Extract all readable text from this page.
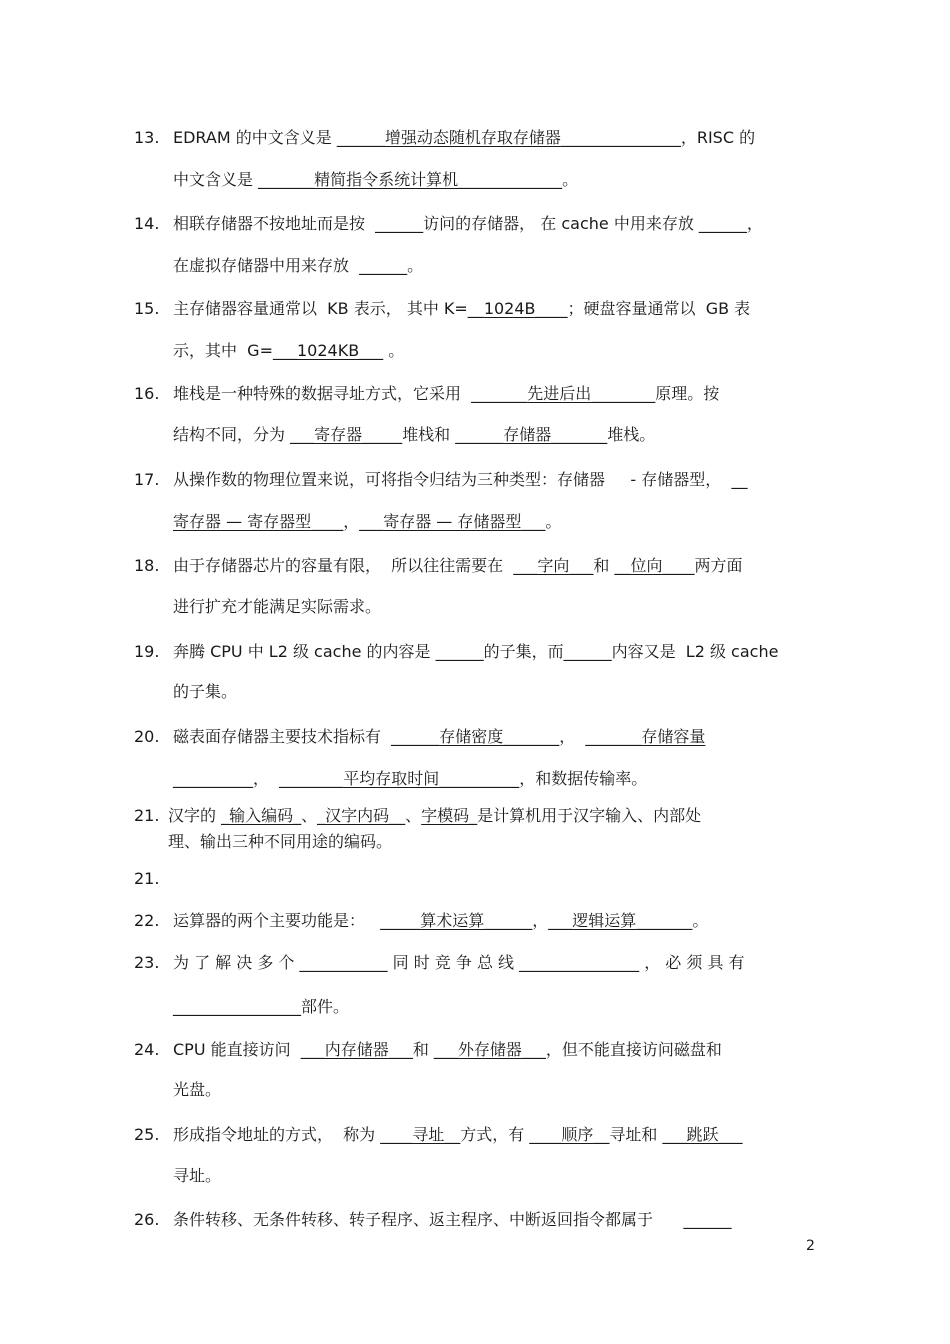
13. EDRAM 的中文含义是 ______增强动态随机存取存储器_______________，RISC 的
中文含义是 _______精简指令系统计算机_____________。
14. 相联存储器不按地址而是按  ______访问的存储器， 在 cache 中用来存放 ______，
在虚拟存储器中用来存放  ______。
15. 主存储器容量通常以  KB 表示， 其中 K=__1024B____；硬盘容量通常以  GB 表
示，其中  G=___1024KB___ 。
16. 堆栈是一种特殊的数据寻址方式，它采用  _______先进后出________原理。按
结构不同，分为 ___寄存器_____堆栈和 ______存储器_______堆栈。
17. 从操作数的物理位置来说，可将指令归结为三种类型：存储器     - 存储器型，  __
寄存器 — 寄存器型____，___寄存器 — 存储器型___。
18. 由于存储器芯片的容量有限，  所以往往需要在  ___字向___和 __位向____两方面
进行扩充才能满足实际需求。
19. 奔腾 CPU 中 L2 级 cache 的内容是 ______的子集，而______内容又是  L2 级 cache
的子集。
20. 磁表面存储器主要技术指标有  ______存储密度_______，  _______存储容量
__________，  ________平均存取时间__________，和数据传输率。
21. 汉字的 _输入编码_、_汉字内码__、字模码_是计算机用于汉字输入、内部处
理、输出三种不同用途的编码。
21.
22. 运算器的两个主要功能是：   _____算术运算______，___逻辑运算_______。
23. 为 了 解 决 多 个 ___________ 同 时 竞 争 总 线 _______________ ， 必 须 具 有
________________部件。
24. CPU 能直接访问  ___内存储器___和 ___外存储器___，但不能直接访问磁盘和
光盘。
25. 形成指令地址的方式，  称为 ____寻址__方式，有 ____顺序__寻址和 ___跳跃___
寻址。
26. 条件转移、无条件转移、转子程序、返主程序、中断返回指令都属于      ______
2
